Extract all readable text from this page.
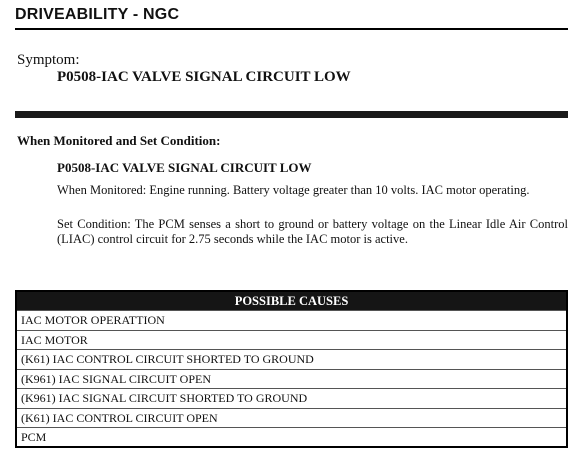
DRIVEABILITY - NGC
Symptom:
P0508-IAC VALVE SIGNAL CIRCUIT LOW
When Monitored and Set Condition:
P0508-IAC VALVE SIGNAL CIRCUIT LOW
When Monitored: Engine running. Battery voltage greater than 10 volts. IAC motor operating.
Set Condition: The PCM senses a short to ground or battery voltage on the Linear Idle Air Control (LIAC) control circuit for 2.75 seconds while the IAC motor is active.
POSSIBLE CAUSES
IAC MOTOR OPERATTION
IAC MOTOR
(K61) IAC CONTROL CIRCUIT SHORTED TO GROUND
(K961) IAC SIGNAL CIRCUIT OPEN
(K961) IAC SIGNAL CIRCUIT SHORTED TO GROUND
(K61) IAC CONTROL CIRCUIT OPEN
PCM
